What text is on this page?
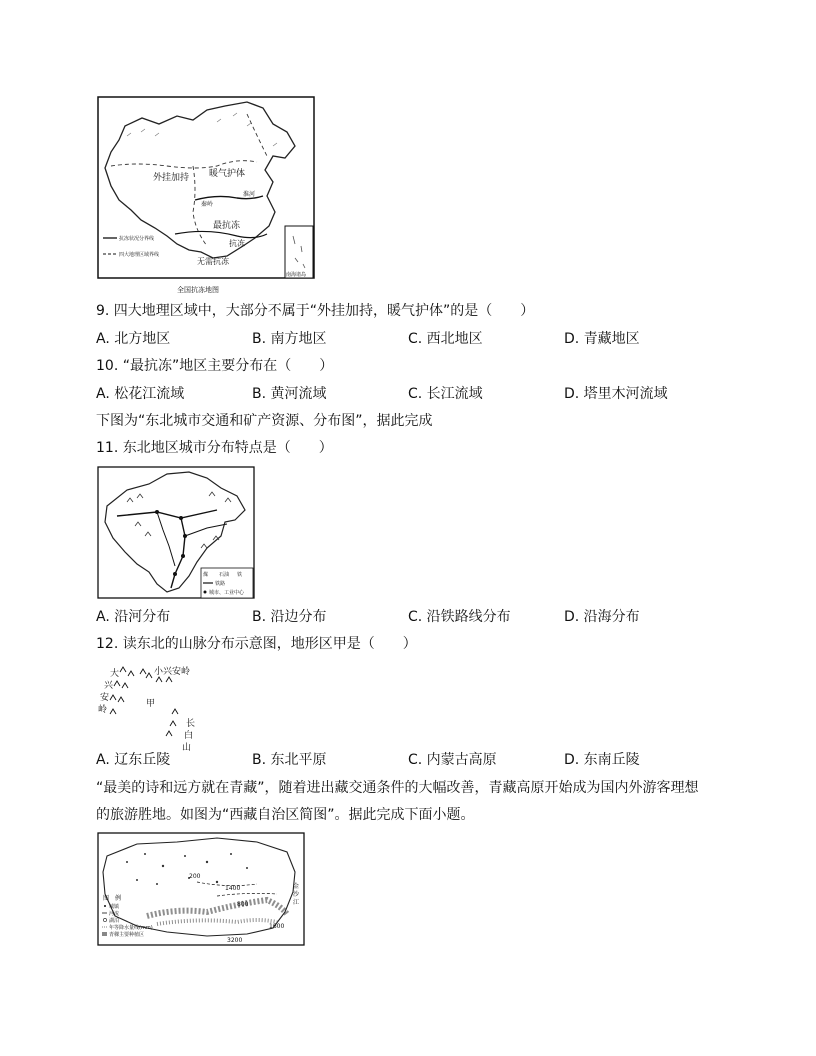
外挂加持 暖气护体
淮河
秦岭
最抗冻
抗冻
无需抗冻
抗冻状况分界线
四大地理区域界线
南海诸岛
全国抗冻地图
9. 四大地理区域中，大部分不属于“外挂加持，暖气护体”的是（　　）
A. 北方地区	B. 南方地区	C. 西北地区	D. 青藏地区
10. “最抗冻”地区主要分布在（　　）
A. 松花江流域	B. 黄河流域	C. 长江流域	D. 塔里木河流域
下图为“东北城市交通和矿产资源、分布图”，据此完成
11. 东北地区城市分布特点是（　　）
煤 石油 铁
铁路
城市、工业中心
A. 沿河分布	B. 沿边分布	C. 沿铁路线分布	D. 沿海分布
12. 读东北的山脉分布示意图，地形区甲是（　　）
大
兴
安
岭
小兴安岭
长
白
山
甲
A. 辽东丘陵	B. 东北平原	C. 内蒙古高原	D. 东南丘陵
“最美的诗和远方就在青藏”，随着进出藏交通条件的大幅改善，青藏高原开始成为国内外游客理想
的旅游胜地。如图为“西藏自治区简图”。据此完成下面小题。
200
1400
800
1600
3200
金
沙
江
图　例
城镇
河流
湖泊
年等降水量线(mm)
青稞主要种植区
